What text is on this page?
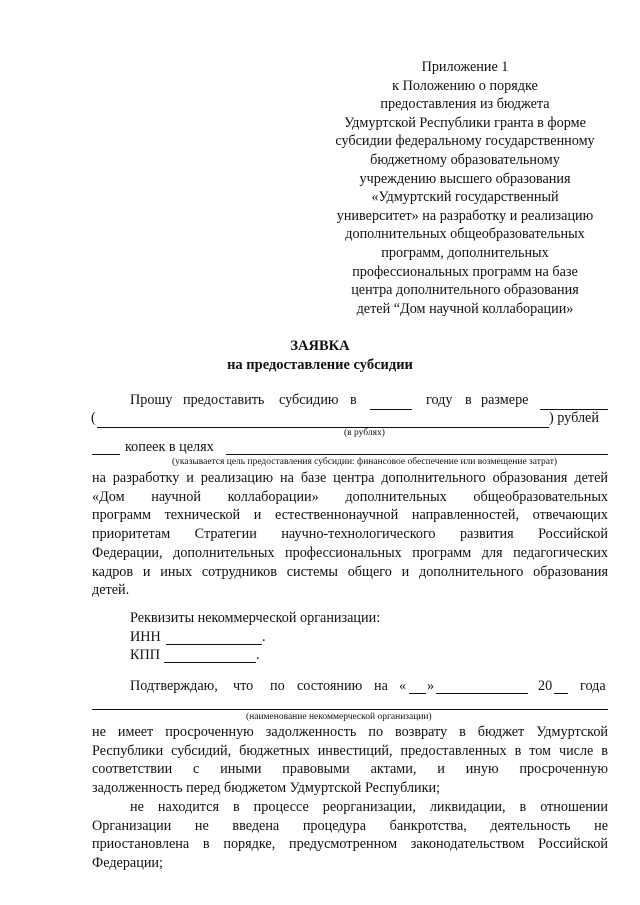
Приложение 1
к Положению о порядке
предоставления из бюджета
Удмуртской Республики гранта в форме
субсидии федеральному государственному
бюджетному образовательному
учреждению высшего образования
«Удмуртский государственный
университет» на разработку и реализацию
дополнительных общеобразовательных
программ, дополнительных
профессиональных программ на базе
центра дополнительного образования
детей “Дом научной коллаборации»
ЗАЯВКА
на предоставление субсидии
Прошу предоставить субсидию в	году в размере
(	) рублей
(в рублях)
копеек в целях
(указывается цель предоставления субсидии: финансовое обеспечение или возмещение затрат)
на разработку и реализацию на базе центра дополнительного образования детей
«Дом научной коллаборации» дополнительных общеобразовательных
программ технической и естественнонаучной направленностей, отвечающих
приоритетам Стратегии научно-технологического развития Российской
Федерации, дополнительных профессиональных программ для педагогических
кадров и иных сотрудников системы общего и дополнительного образования
детей.
Реквизиты некоммерческой организации:
ИНН	.
КПП	.
Подтверждаю, что по состоянию на « »	20 года
(наименование некоммерческой организации)
не имеет просроченную задолженность по возврату в бюджет Удмуртской
Республики субсидий, бюджетных инвестиций, предоставленных в том числе в
соответствии с иными правовыми актами, и иную просроченную
задолженность перед бюджетом Удмуртской Республики;
не находится в процессе реорганизации, ликвидации, в отношении
Организации не введена процедура банкротства, деятельность не
приостановлена в порядке, предусмотренном законодательством Российской
Федерации;
